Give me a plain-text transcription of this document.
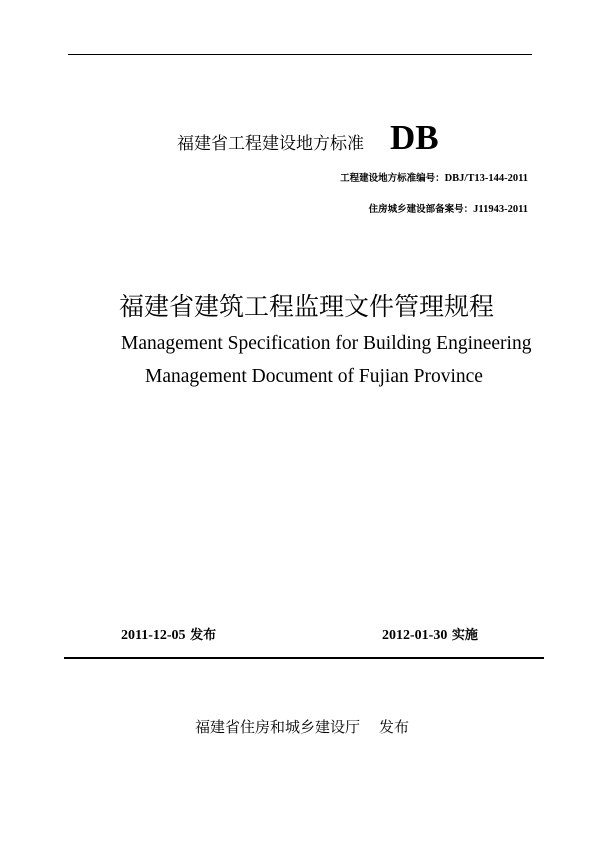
福建省工程建设地方标准 DB
工程建设地方标准编号：DBJ/T13-144-2011
住房城乡建设部备案号：J11943-2011
福建省建筑工程监理文件管理规程
Management Specification for Building Engineering
Management Document of Fujian Province
2011-12-05 发布	2012-01-30 实施
福建省住房和城乡建设厅 发布
